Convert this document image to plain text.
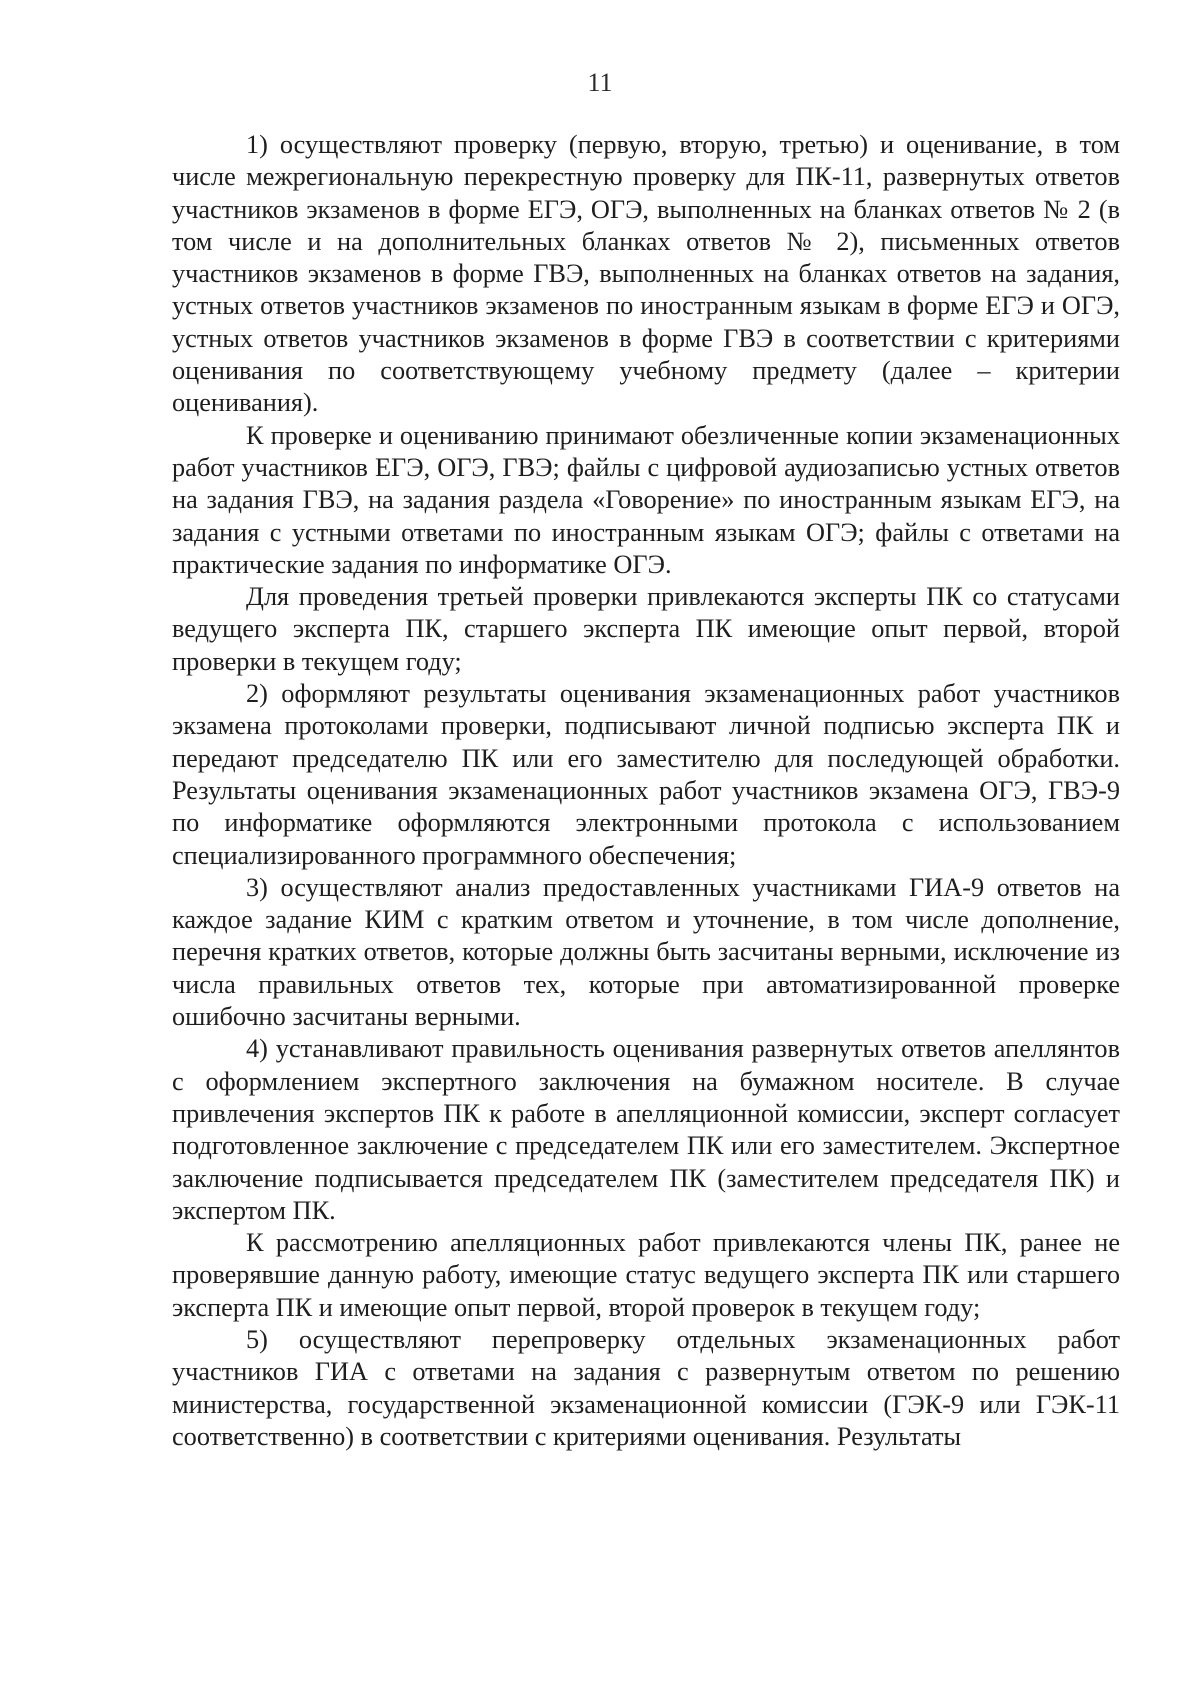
11

1) осуществляют проверку (первую, вторую, третью) и оценивание, в том числе межрегиональную перекрестную проверку для ПК-11, развернутых ответов участников экзаменов в форме ЕГЭ, ОГЭ, выполненных на бланках ответов № 2 (в том числе и на дополнительных бланках ответов № 2), письменных ответов участников экзаменов в форме ГВЭ, выполненных на бланках ответов на задания, устных ответов участников экзаменов по иностранным языкам в форме ЕГЭ и ОГЭ, устных ответов участников экзаменов в форме ГВЭ в соответствии с критериями оценивания по соответствующему учебному предмету (далее – критерии оценивания).

К проверке и оцениванию принимают обезличенные копии экзаменационных работ участников ЕГЭ, ОГЭ, ГВЭ; файлы с цифровой аудиозаписью устных ответов на задания ГВЭ, на задания раздела «Говорение» по иностранным языкам ЕГЭ, на задания с устными ответами по иностранным языкам ОГЭ; файлы с ответами на практические задания по информатике ОГЭ.

Для проведения третьей проверки привлекаются эксперты ПК со статусами ведущего эксперта ПК, старшего эксперта ПК имеющие опыт первой, второй проверки в текущем году;

2) оформляют результаты оценивания экзаменационных работ участников экзамена протоколами проверки, подписывают личной подписью эксперта ПК и передают председателю ПК или его заместителю для последующей обработки. Результаты оценивания экзаменационных работ участников экзамена ОГЭ, ГВЭ-9 по информатике оформляются электронными протокола с использованием специализированного программного обеспечения;

3) осуществляют анализ предоставленных участниками ГИА-9 ответов на каждое задание КИМ с кратким ответом и уточнение, в том числе дополнение, перечня кратких ответов, которые должны быть засчитаны верными, исключение из числа правильных ответов тех, которые при автоматизированной проверке ошибочно засчитаны верными.

4) устанавливают правильность оценивания развернутых ответов апеллянтов с оформлением экспертного заключения на бумажном носителе. В случае привлечения экспертов ПК к работе в апелляционной комиссии, эксперт согласует подготовленное заключение с председателем ПК или его заместителем. Экспертное заключение подписывается председателем ПК (заместителем председателя ПК) и экспертом ПК.

К рассмотрению апелляционных работ привлекаются члены ПК, ранее не проверявшие данную работу, имеющие статус ведущего эксперта ПК или старшего эксперта ПК и имеющие опыт первой, второй проверок в текущем году;

5) осуществляют перепроверку отдельных экзаменационных работ участников ГИА с ответами на задания с развернутым ответом по решению министерства, государственной экзаменационной комиссии (ГЭК-9 или ГЭК-11 соответственно) в соответствии с критериями оценивания. Результаты
